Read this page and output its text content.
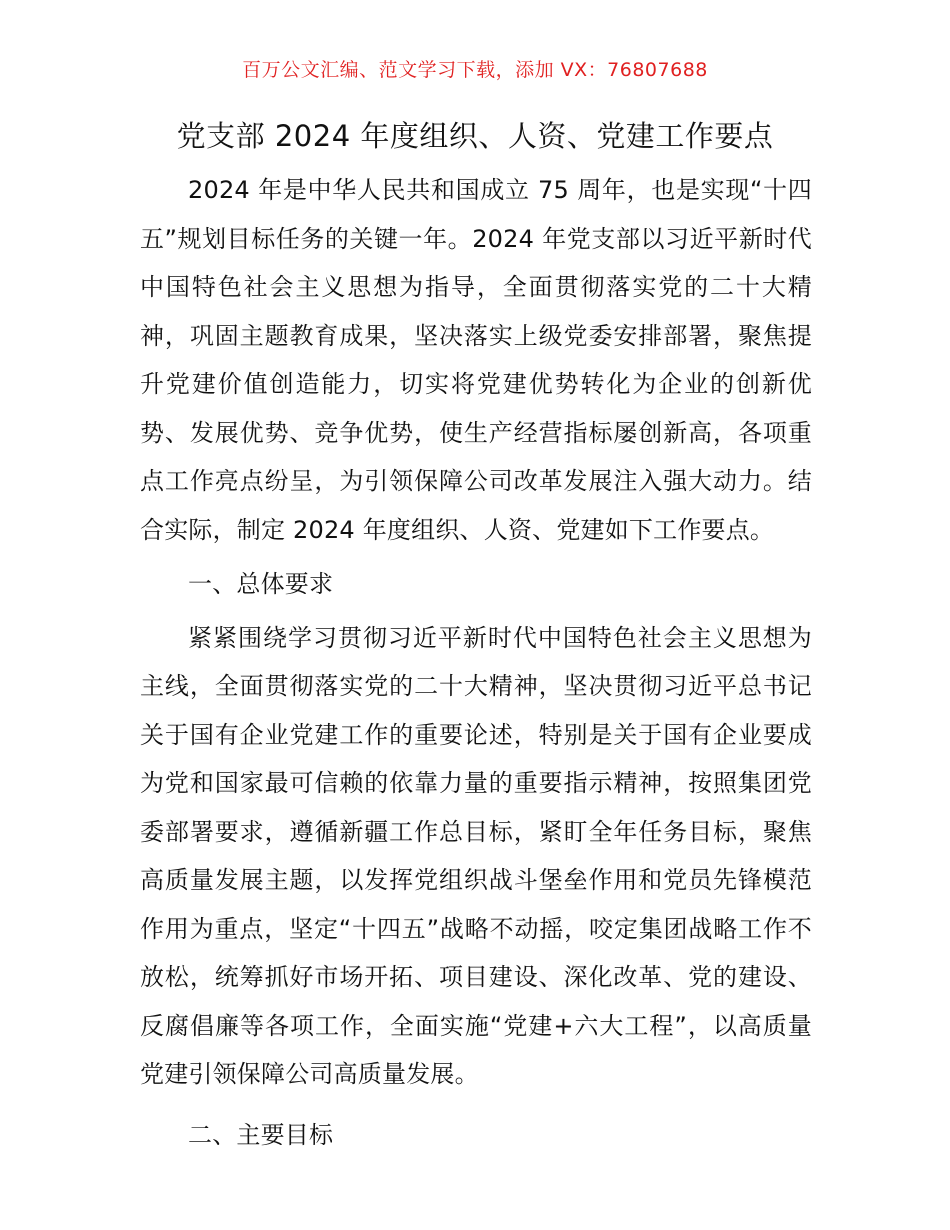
百万公文汇编、范文学习下载，添加 VX：76807688
党支部 2024 年度组织、人资、党建工作要点

2024 年是中华人民共和国成立 75 周年，也是实现“十四五”规划目标任务的关键一年。2024 年党支部以习近平新时代中国特色社会主义思想为指导，全面贯彻落实党的二十大精神，巩固主题教育成果，坚决落实上级党委安排部署，聚焦提升党建价值创造能力，切实将党建优势转化为企业的创新优势、发展优势、竞争优势，使生产经营指标屡创新高，各项重点工作亮点纷呈，为引领保障公司改革发展注入强大动力。结合实际，制定 2024 年度组织、人资、党建如下工作要点。

一、总体要求

紧紧围绕学习贯彻习近平新时代中国特色社会主义思想为主线，全面贯彻落实党的二十大精神，坚决贯彻习近平总书记关于国有企业党建工作的重要论述，特别是关于国有企业要成为党和国家最可信赖的依靠力量的重要指示精神，按照集团党委部署要求，遵循新疆工作总目标，紧盯全年任务目标，聚焦高质量发展主题，以发挥党组织战斗堡垒作用和党员先锋模范作用为重点，坚定“十四五”战略不动摇，咬定集团战略工作不放松，统筹抓好市场开拓、项目建设、深化改革、党的建设、反腐倡廉等各项工作，全面实施“党建+六大工程”，以高质量党建引领保障公司高质量发展。

二、主要目标
